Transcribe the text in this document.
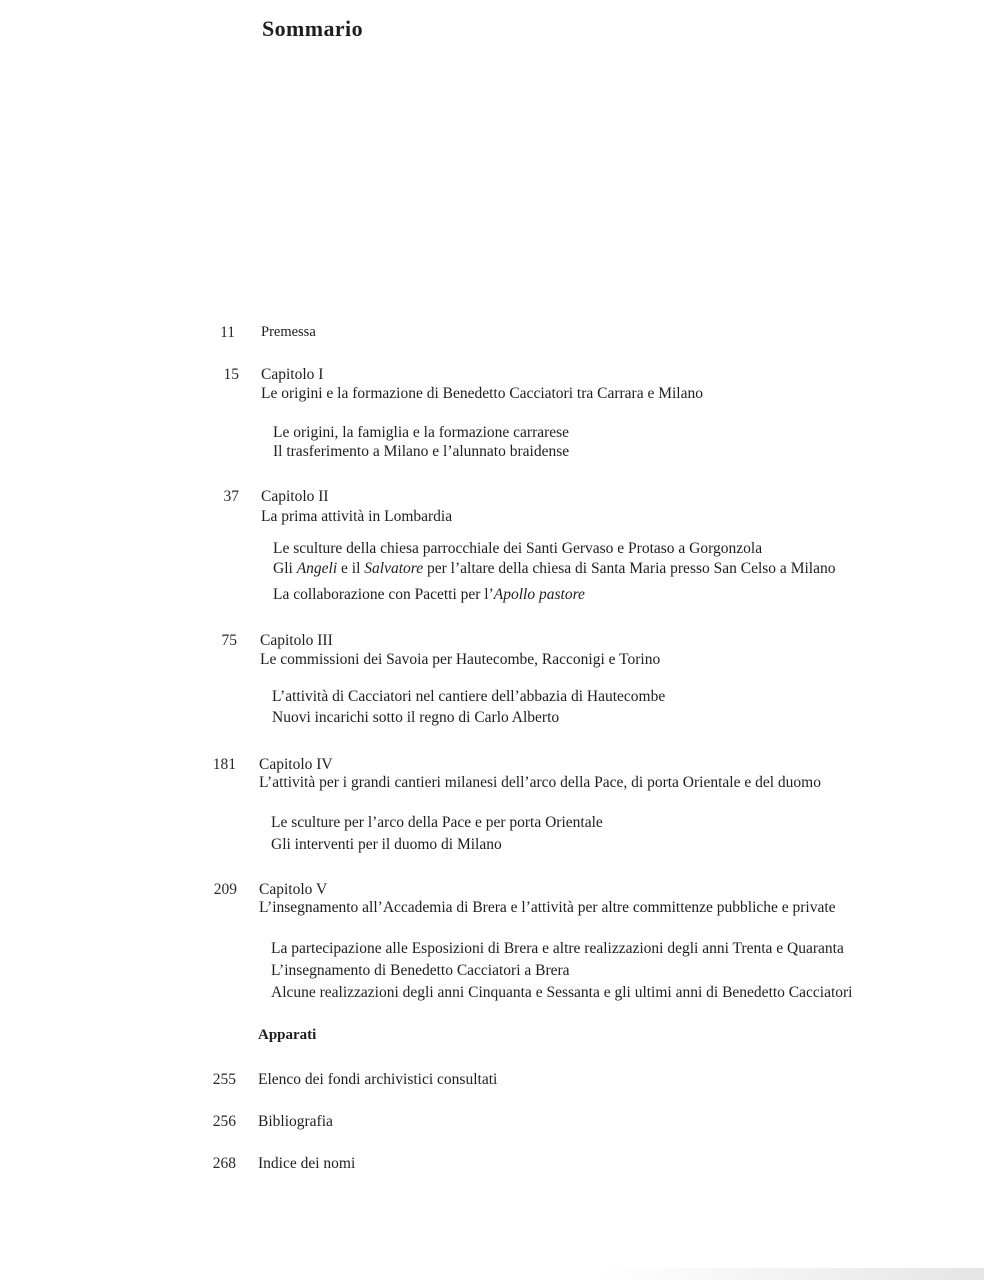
Sommario
11 Premessa
15 Capitolo I
Le origini e la formazione di Benedetto Cacciatori tra Carrara e Milano
Le origini, la famiglia e la formazione carrarese
Il trasferimento a Milano e l’alunnato braidense
37 Capitolo II
La prima attività in Lombardia
Le sculture della chiesa parrocchiale dei Santi Gervaso e Protaso a Gorgonzola
Gli Angeli e il Salvatore per l’altare della chiesa di Santa Maria presso San Celso a Milano
La collaborazione con Pacetti per l’Apollo pastore
75 Capitolo III
Le commissioni dei Savoia per Hautecombe, Racconigi e Torino
L’attività di Cacciatori nel cantiere dell’abbazia di Hautecombe
Nuovi incarichi sotto il regno di Carlo Alberto
181 Capitolo IV
L’attività per i grandi cantieri milanesi dell’arco della Pace, di porta Orientale e del duomo
Le sculture per l’arco della Pace e per porta Orientale
Gli interventi per il duomo di Milano
209 Capitolo V
L’insegnamento all’Accademia di Brera e l’attività per altre committenze pubbliche e private
La partecipazione alle Esposizioni di Brera e altre realizzazioni degli anni Trenta e Quaranta
L’insegnamento di Benedetto Cacciatori a Brera
Alcune realizzazioni degli anni Cinquanta e Sessanta e gli ultimi anni di Benedetto Cacciatori
Apparati
255 Elenco dei fondi archivistici consultati
256 Bibliografia
268 Indice dei nomi
